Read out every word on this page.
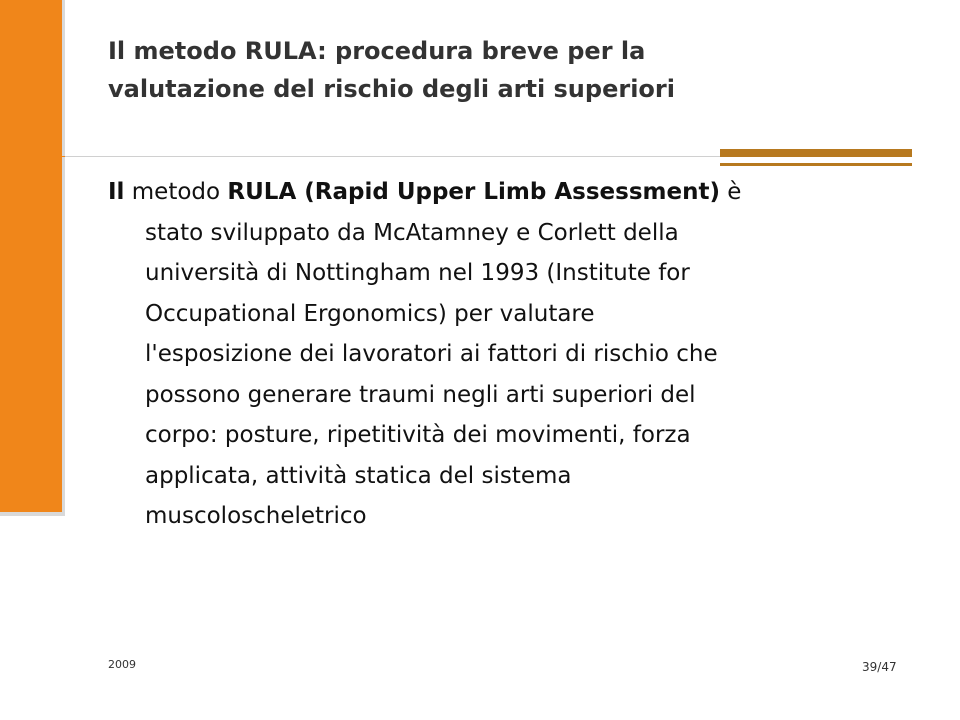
Il metodo RULA: procedura breve per la
valutazione del rischio degli arti superiori
Il metodo RULA (Rapid Upper Limb Assessment) è
stato sviluppato da McAtamney e Corlett della
università di Nottingham nel 1993 (Institute for
Occupational Ergonomics) per valutare
l'esposizione dei lavoratori ai fattori di rischio che
possono generare traumi negli arti superiori del
corpo: posture, ripetitività dei movimenti, forza
applicata, attività statica del sistema
muscoloscheletrico
2009	39/47
